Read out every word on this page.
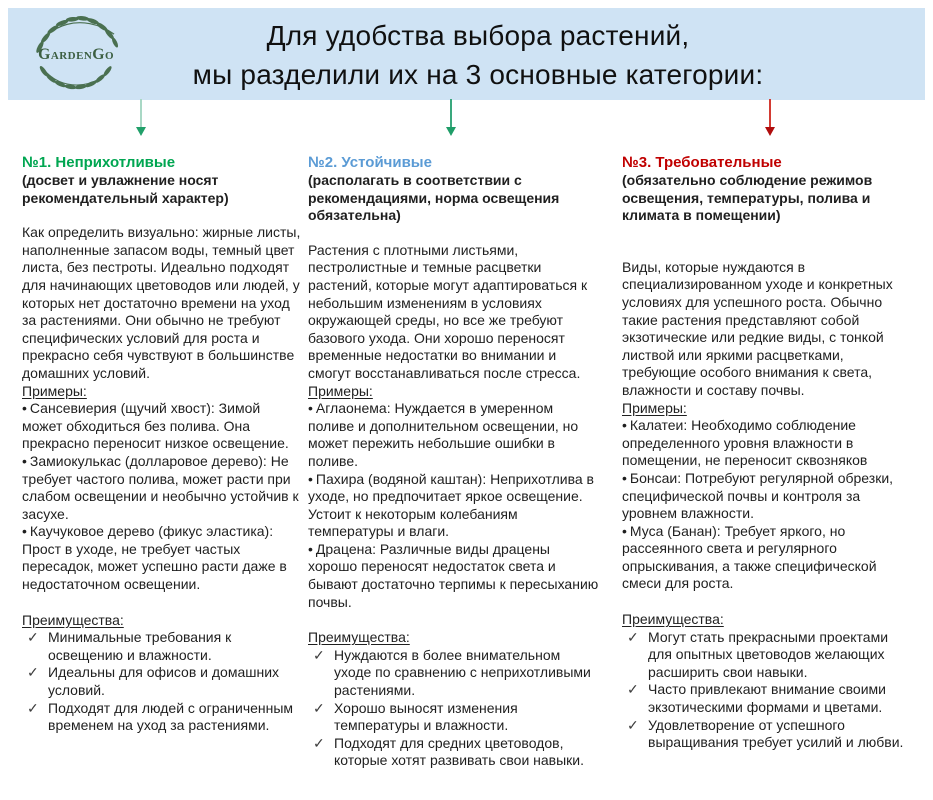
GardenGo
Для удобства выбора растений,
мы разделили их на 3 основные категории:
№1. Неприхотливые

(досвет и увлажнение носят рекомендательный характер)

Как определить визуально: жирные листы, наполненные запасом воды, темный цвет листа, без пестроты. Идеально подходят для начинающих цветоводов или людей, у которых нет достаточно времени на уход за растениями. Они обычно не требуют специфических условий для роста и прекрасно себя чувствуют в большинстве домашних условий.

Примеры:

• Сансевиерия (щучий хвост): Зимой может обходиться без полива. Она прекрасно переносит низкое освещение.

• Замиокулькас (долларовое дерево): Не требует частого полива, может расти при слабом освещении и необычно устойчив к засухе.

• Каучуковое дерево (фикус эластика): Прост в уходе, не требует частых пересадок, может успешно расти даже в недостаточном освещении.

Преимущества:

✓ Минимальные требования к освещению и влажности.
✓ Идеальны для офисов и домашних условий.
✓ Подходят для людей с ограниченным временем на уход за растениями.
№2. Устойчивые

(располагать в соответствии с рекомендациями, норма освещения обязательна)

Растения с плотными листьями, пестролистные и темные расцветки растений, которые могут адаптироваться к небольшим изменениям в условиях окружающей среды, но все же требуют базового ухода. Они хорошо переносят временные недостатки во внимании и смогут восстанавливаться после стресса.

Примеры:

• Аглаонема: Нуждается в умеренном поливе и дополнительном освещении, но может пережить небольшие ошибки в поливе.

• Пахира (водяной каштан): Неприхотлива в уходе, но предпочитает яркое освещение. Устоит к некоторым колебаниям температуры и влаги.

• Драцена: Различные виды драцены хорошо переносят недостаток света и бывают достаточно терпимы к пересыханию почвы.

Преимущества:

✓ Нуждаются в более внимательном уходе по сравнению с неприхотливыми растениями.
✓ Хорошо выносят изменения температуры и влажности.
✓ Подходят для средних цветоводов, которые хотят развивать свои навыки.
№3. Требовательные

(обязательно соблюдение режимов освещения, температуры, полива и климата в помещении)

Виды, которые нуждаются в специализированном уходе и конкретных условиях для успешного роста. Обычно такие растения представляют собой экзотические или редкие виды, с тонкой листвой или яркими расцветками, требующие особого внимания к света, влажности и составу почвы.

Примеры:

• Калатеи: Необходимо соблюдение определенного уровня влажности в помещении, не переносит сквозняков

• Бонсаи: Потребуют регулярной обрезки, специфической почвы и контроля за уровнем влажности.

• Муса (Банан): Требует яркого, но рассеянного света и регулярного опрыскивания, а также специфической смеси для роста.

Преимущества:

✓ Могут стать прекрасными проектами для опытных цветоводов желающих расширить свои навыки.
✓ Часто привлекают внимание своими экзотическими формами и цветами.
✓ Удовлетворение от успешного выращивания требует усилий и любви.
